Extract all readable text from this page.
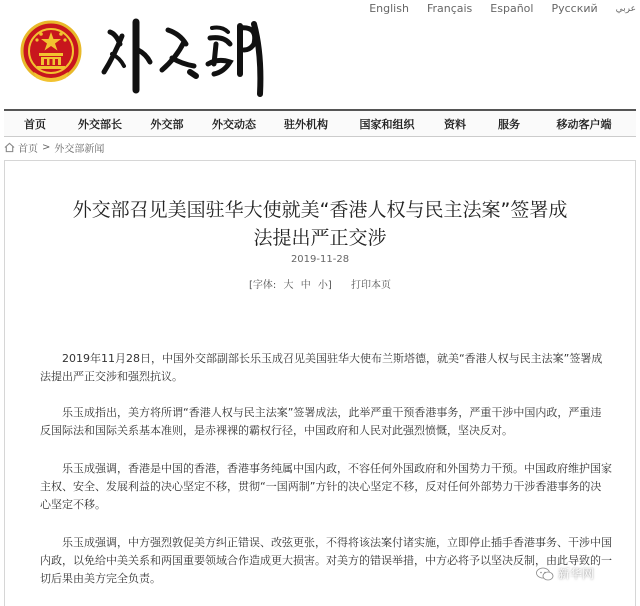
English Français Español Pусский عربي
首页	外交部长	外交部	外交动态	驻外机构	国家和组织	资料	服务	移动客户端
首页 > 外交部新闻
外交部召见美国驻华大使就美“香港人权与民主法案”签署成
法提出严正交涉
2019-11-28
[字体: 大 中 小] 打印本页

2019年11月28日，中国外交部副部长乐玉成召见美国驻华大使布兰斯塔德，就美“香港人权与民主法案”签署成法提出严正交涉和强烈抗议。

乐玉成指出，美方将所谓“香港人权与民主法案”签署成法，此举严重干预香港事务，严重干涉中国内政，严重违反国际法和国际关系基本准则，是赤裸裸的霸权行径，中国政府和人民对此强烈愤慨，坚决反对。

乐玉成强调，香港是中国的香港，香港事务纯属中国内政，不容任何外国政府和外国势力干预。中国政府维护国家主权、安全、发展利益的决心坚定不移，贯彻“一国两制”方针的决心坚定不移，反对任何外部势力干涉香港事务的决心坚定不移。

乐玉成强调，中方强烈敦促美方纠正错误、改弦更张，不得将该法案付诸实施，立即停止插手香港事务、干涉中国内政，以免给中美关系和两国重要领域合作造成更大损害。对美方的错误举措，中方必将予以坚决反制，由此导致的一切后果由美方完全负责。	新华网
